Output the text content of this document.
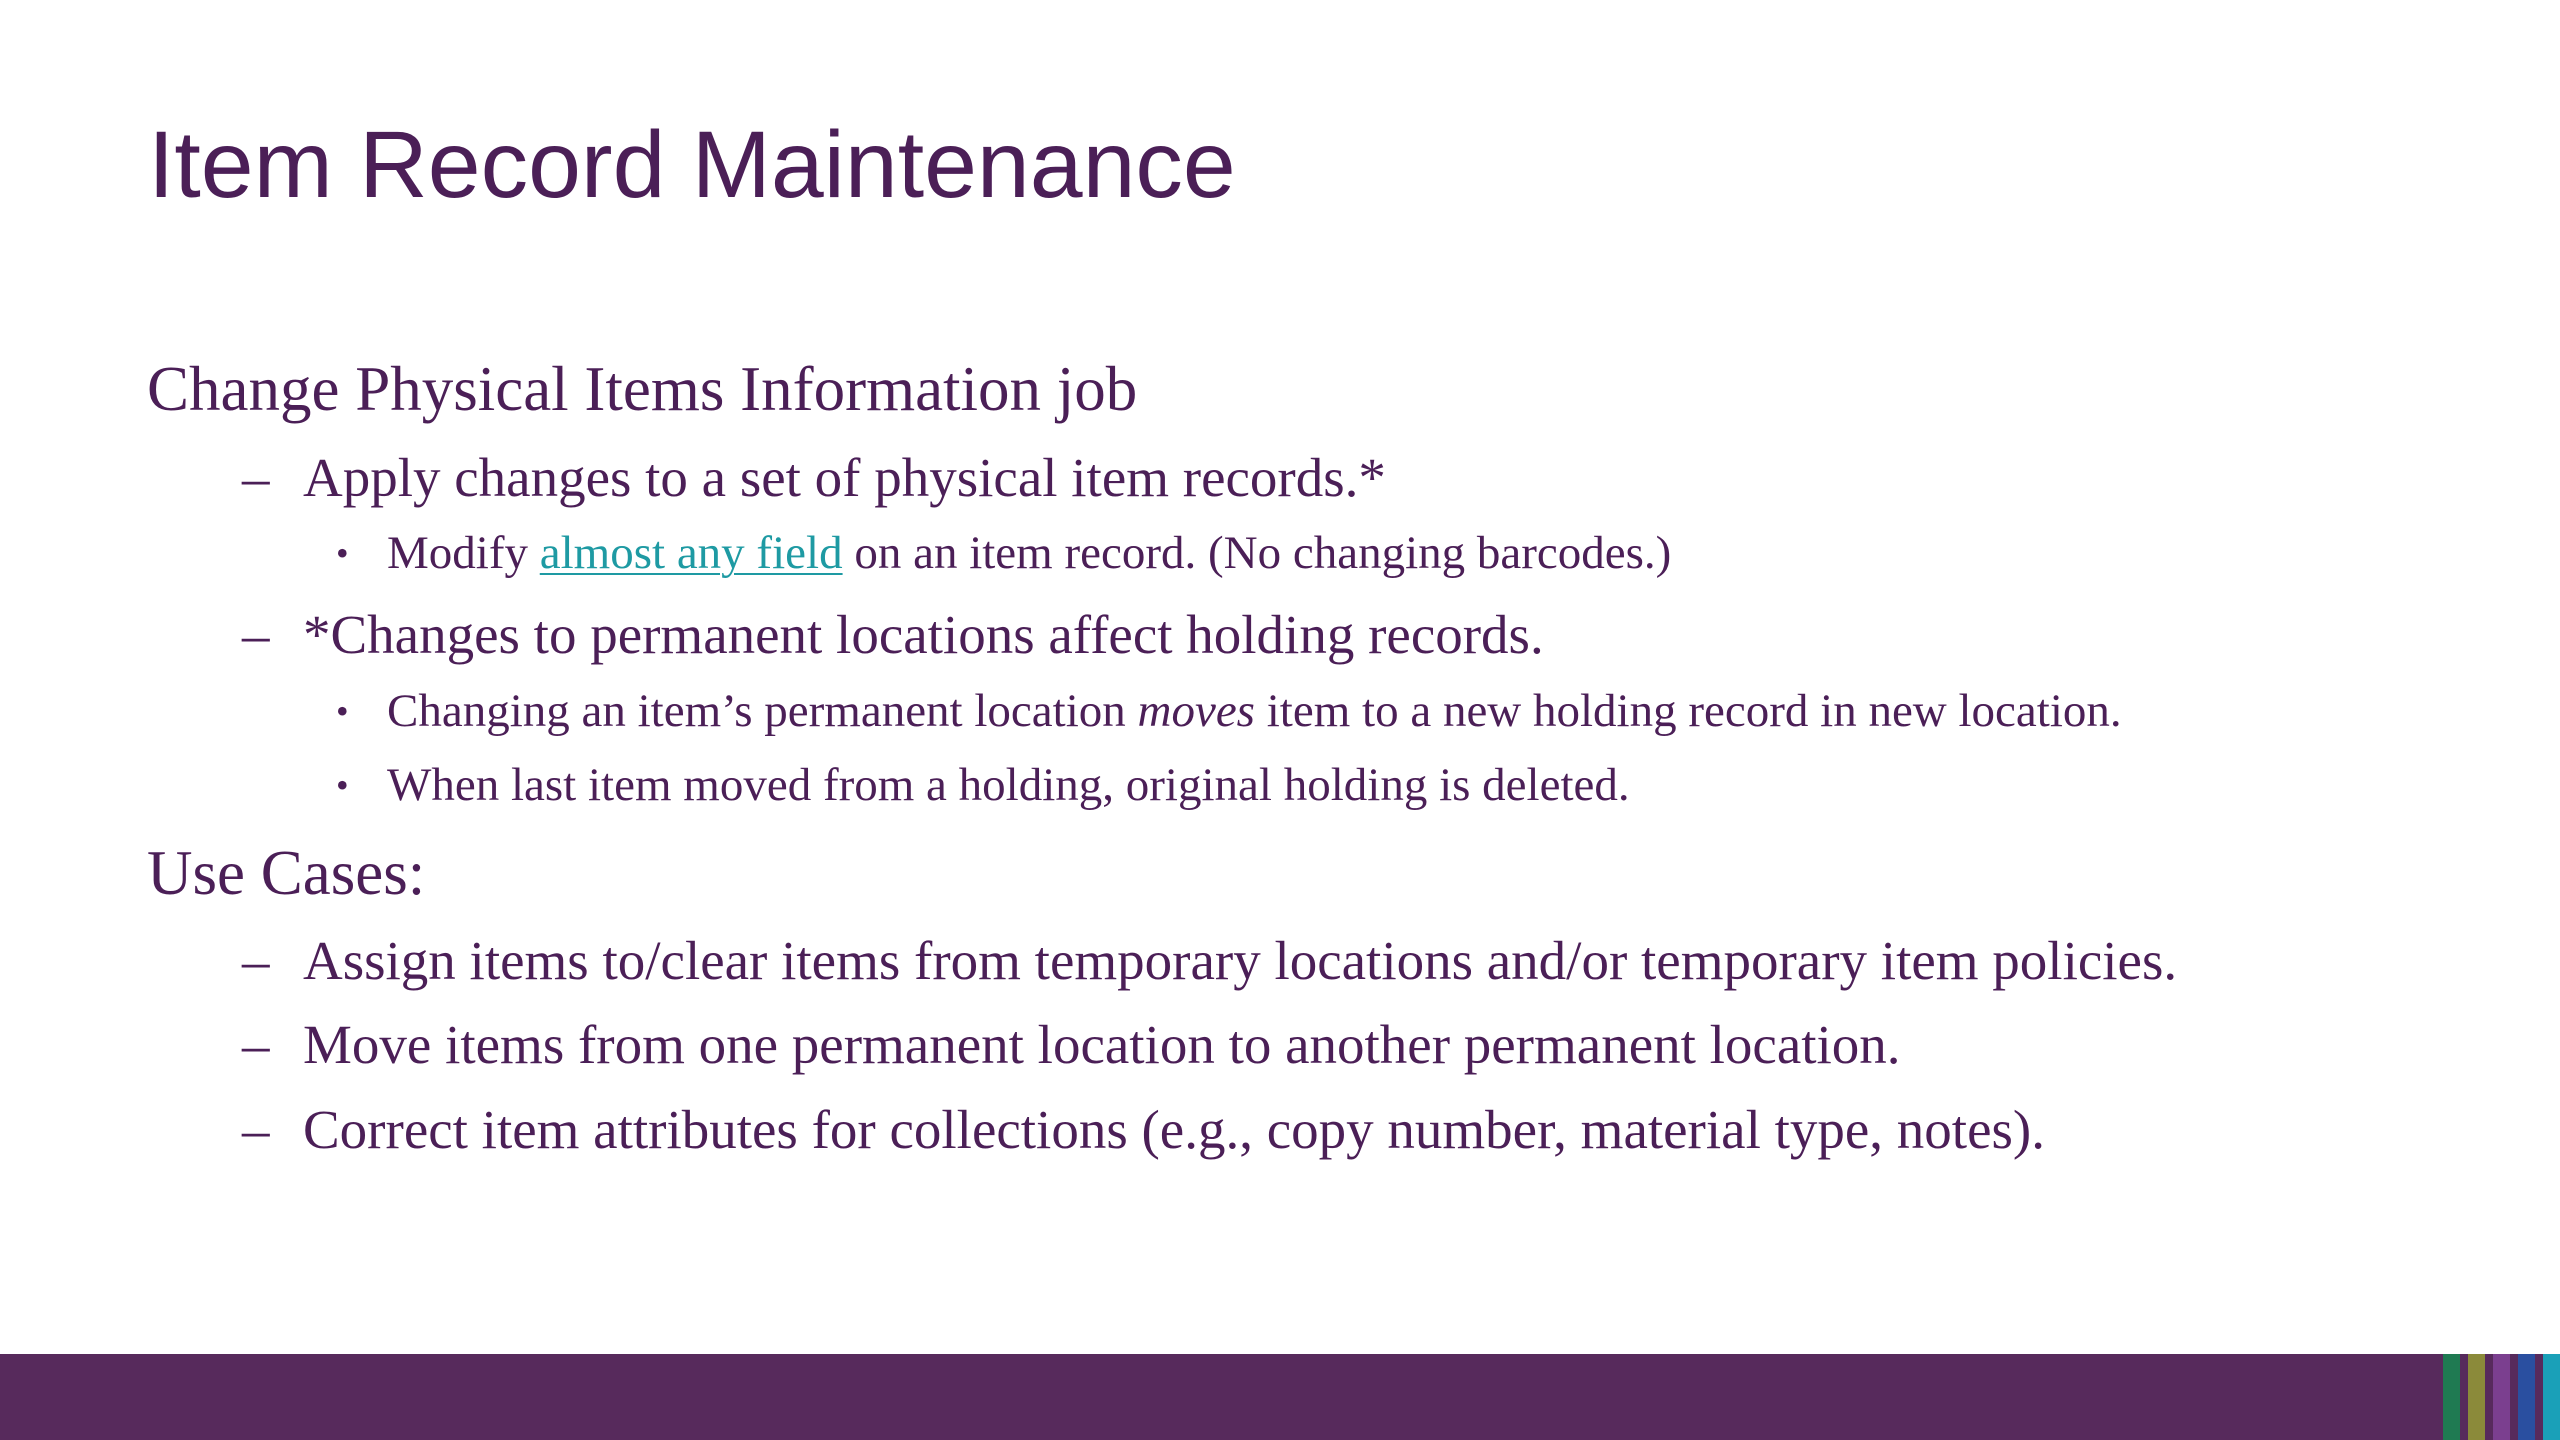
Item Record Maintenance

Change Physical Items Information job

– Apply changes to a set of physical item records.*

• Modify almost any field on an item record. (No changing barcodes.)

– *Changes to permanent locations affect holding records.

• Changing an item’s permanent location moves item to a new holding record in new location.

• When last item moved from a holding, original holding is deleted.

Use Cases:

– Assign items to/clear items from temporary locations and/or temporary item policies.

– Move items from one permanent location to another permanent location.

– Correct item attributes for collections (e.g., copy number, material type, notes).
